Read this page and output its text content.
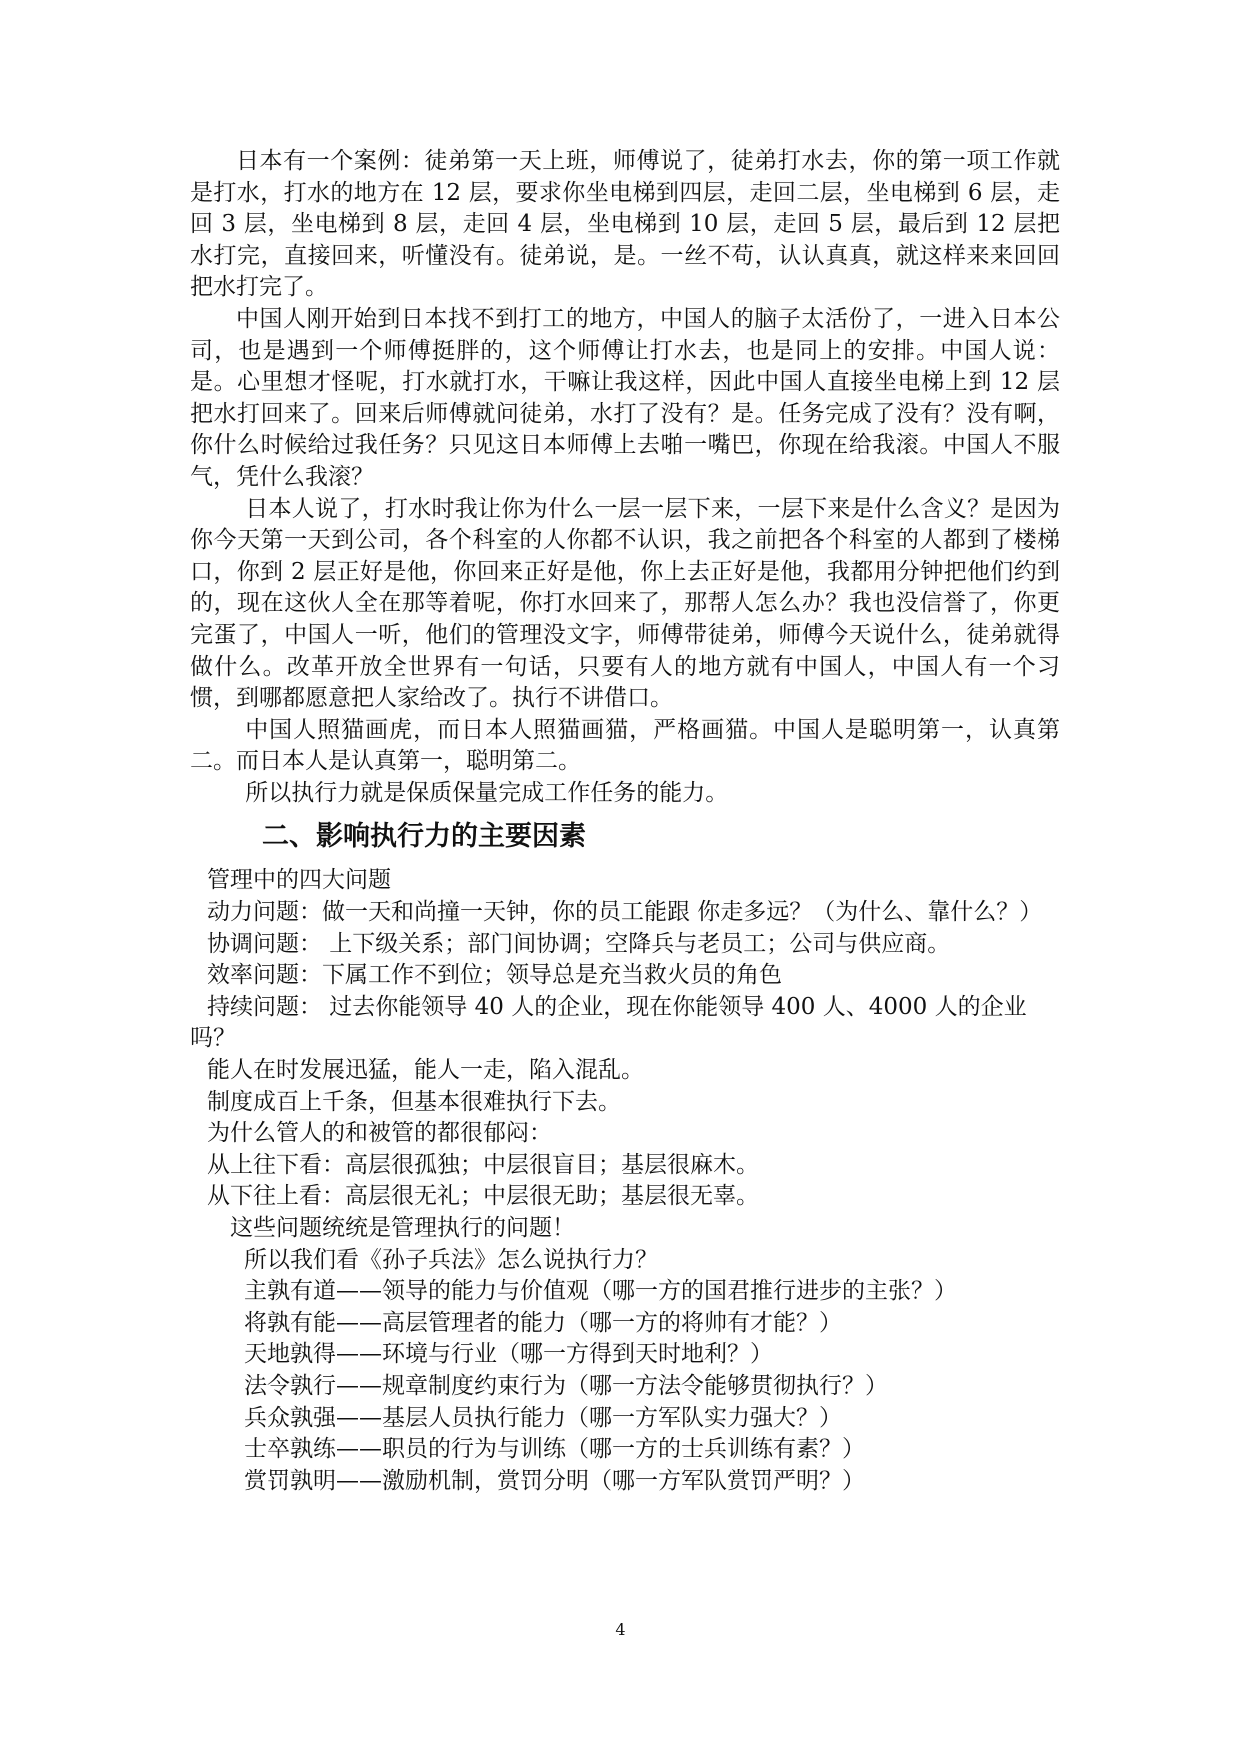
日本有一个案例：徒弟第一天上班，师傅说了，徒弟打水去，你的第一项工作就是打水，打水的地方在 12 层，要求你坐电梯到四层，走回二层，坐电梯到 6 层，走回 3 层，坐电梯到 8 层，走回 4 层，坐电梯到 10 层，走回 5 层，最后到 12 层把水打完，直接回来，听懂没有。徒弟说，是。一丝不苟，认认真真，就这样来来回回把水打完了。

中国人刚开始到日本找不到打工的地方，中国人的脑子太活份了，一进入日本公司，也是遇到一个师傅挺胖的，这个师傅让打水去，也是同上的安排。中国人说：是。心里想才怪呢，打水就打水，干嘛让我这样，因此中国人直接坐电梯上到 12 层把水打回来了。回来后师傅就问徒弟，水打了没有？是。任务完成了没有？没有啊，你什么时候给过我任务？只见这日本师傅上去啪一嘴巴，你现在给我滚。中国人不服气，凭什么我滚？

日本人说了，打水时我让你为什么一层一层下来，一层下来是什么含义？是因为你今天第一天到公司，各个科室的人你都不认识，我之前把各个科室的人都到了楼梯口，你到 2 层正好是他，你回来正好是他，你上去正好是他，我都用分钟把他们约到的，现在这伙人全在那等着呢，你打水回来了，那帮人怎么办？我也没信誉了，你更完蛋了，中国人一听，他们的管理没文字，师傅带徒弟，师傅今天说什么，徒弟就得做什么。改革开放全世界有一句话，只要有人的地方就有中国人，中国人有一个习惯，到哪都愿意把人家给改了。执行不讲借口。

中国人照猫画虎，而日本人照猫画猫，严格画猫。中国人是聪明第一，认真第二。而日本人是认真第一，聪明第二。

所以执行力就是保质保量完成工作任务的能力。

二、影响执行力的主要因素
管理中的四大问题
动力问题：做一天和尚撞一天钟，你的员工能跟 你走多远？（为什么、靠什么？）
协调问题： 上下级关系；部门间协调；空降兵与老员工；公司与供应商。
效率问题：下属工作不到位；领导总是充当救火员的角色
持续问题： 过去你能领导 40 人的企业，现在你能领导 400 人、4000 人的企业吗？
能人在时发展迅猛，能人一走，陷入混乱。
制度成百上千条，但基本很难执行下去。
为什么管人的和被管的都很郁闷：
从上往下看：高层很孤独；中层很盲目；基层很麻木。
从下往上看：高层很无礼；中层很无助；基层很无辜。
这些问题统统是管理执行的问题！
所以我们看《孙子兵法》怎么说执行力？
主孰有道——领导的能力与价值观（哪一方的国君推行进步的主张？）
将孰有能——高层管理者的能力（哪一方的将帅有才能？）
天地孰得——环境与行业（哪一方得到天时地利？）
法令孰行——规章制度约束行为（哪一方法令能够贯彻执行？）
兵众孰强——基层人员执行能力（哪一方军队实力强大？）
士卒孰练——职员的行为与训练（哪一方的士兵训练有素？）
赏罚孰明——激励机制，赏罚分明（哪一方军队赏罚严明？）
4
